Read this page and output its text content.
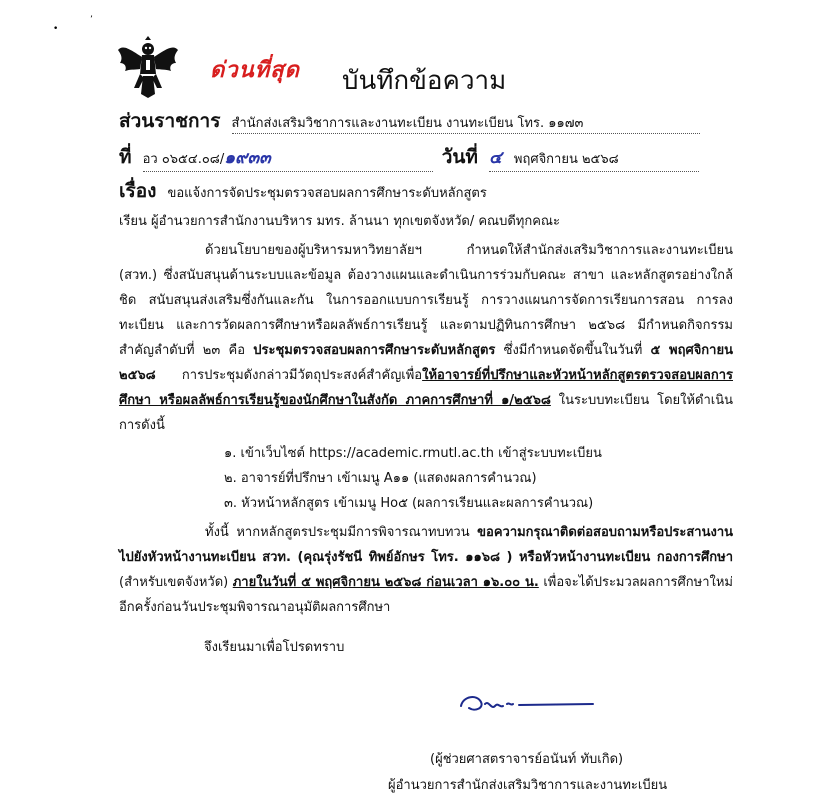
•
ʼ
ด่วนที่สุด บันทึกข้อความ
ส่วนราชการ สำนักส่งเสริมวิชาการและงานทะเบียน งานทะเบียน โทร. ๑๑๗๓
ที่ อว ๐๖๕๔.๐๘/๑๙๓๓	วันที่ ๔ พฤศจิกายน ๒๕๖๘
เรื่อง ขอแจ้งการจัดประชุมตรวจสอบผลการศึกษาระดับหลักสูตร
เรียน ผู้อำนวยการสำนักงานบริหาร มทร. ล้านนา ทุกเขตจังหวัด/ คณบดีทุกคณะ
ด้วยนโยบายของผู้บริหารมหาวิทยาลัยฯ กำหนดให้สำนักส่งเสริมวิชาการและงานทะเบียน (สวท.) ซึ่งสนับสนุนด้านระบบและข้อมูล ต้องวางแผนและดำเนินการร่วมกับคณะ สาขา และหลักสูตรอย่างใกล้ชิด สนับสนุนส่งเสริมซึ่งกันและกัน ในการออกแบบการเรียนรู้ การวางแผนการจัดการเรียนการสอน การลงทะเบียน และการวัดผลการศึกษาหรือผลลัพธ์การเรียนรู้ และตามปฏิทินการศึกษา ๒๕๖๘ มีกำหนดกิจกรรมสำคัญลำดับที่ ๒๓ คือ ประชุมตรวจสอบผลการศึกษาระดับหลักสูตร ซึ่งมีกำหนดจัดขึ้นในวันที่ ๕ พฤศจิกายน ๒๕๖๘ การประชุมดังกล่าวมีวัตถุประสงค์สำคัญเพื่อให้อาจารย์ที่ปรึกษาและหัวหน้าหลักสูตรตรวจสอบผลการศึกษา หรือผลลัพธ์การเรียนรู้ของนักศึกษาในสังกัด ภาคการศึกษาที่ ๑/๒๕๖๘ ในระบบทะเบียน โดยให้ดำเนินการดังนี้
๑. เข้าเว็บไซต์ https://academic.rmutl.ac.th เข้าสู่ระบบทะเบียน
๒. อาจารย์ที่ปรึกษา เข้าเมนู A๑๑ (แสดงผลการคำนวณ)
๓. หัวหน้าหลักสูตร เข้าเมนู Ho๕ (ผลการเรียนและผลการคำนวณ)
ทั้งนี้ หากหลักสูตรประชุมมีการพิจารณาทบทวน ขอความกรุณาติดต่อสอบถามหรือประสานงานไปยังหัวหน้างานทะเบียน สวท. (คุณรุ่งรัชนี ทิพย์อักษร โทร. ๑๑๖๘ ) หรือหัวหน้างานทะเบียน กองการศึกษา (สำหรับเขตจังหวัด) ภายในวันที่ ๕ พฤศจิกายน ๒๕๖๘ ก่อนเวลา ๑๖.๐๐ น. เพื่อจะได้ประมวลผลการศึกษาใหม่อีกครั้งก่อนวันประชุมพิจารณาอนุมัติผลการศึกษา
จึงเรียนมาเพื่อโปรดทราบ
(ผู้ช่วยศาสตราจารย์อนันท์ ทับเกิด)
ผู้อำนวยการสำนักส่งเสริมวิชาการและงานทะเบียน
